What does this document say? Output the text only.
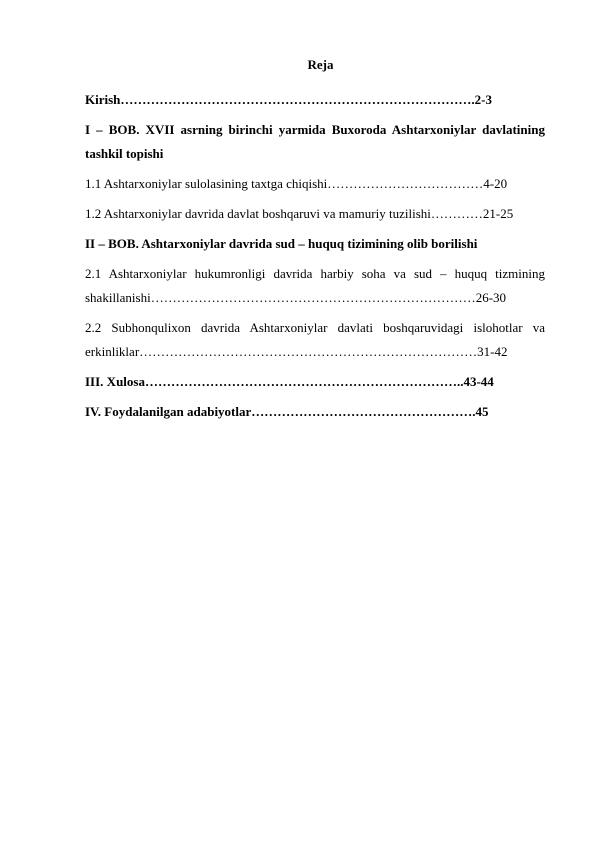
Reja

Kirish……………………………………………………………………….2-3

I – BOB. XVII asrning birinchi yarmida Buxoroda Ashtarxoniylar davlatining tashkil topishi

1.1 Ashtarxoniylar sulolasining taxtga chiqishi………………………………4-20

1.2 Ashtarxoniylar davrida davlat boshqaruvi va mamuriy tuzilishi…………21-25

II – BOB. Ashtarxoniylar davrida sud – huquq tizimining olib borilishi

2.1 Ashtarxoniylar hukumronligi davrida harbiy soha va sud – huquq tizmining shakillanishi…………………………………………………………………26-30

2.2 Subhonqulixon davrida Ashtarxoniylar davlati boshqaruvidagi islohotlar va erkinliklar……………………………………………………………………31-42

III. Xulosa………………………………………………………………..43-44

IV. Foydalanilgan adabiyotlar…………………………………………….45
